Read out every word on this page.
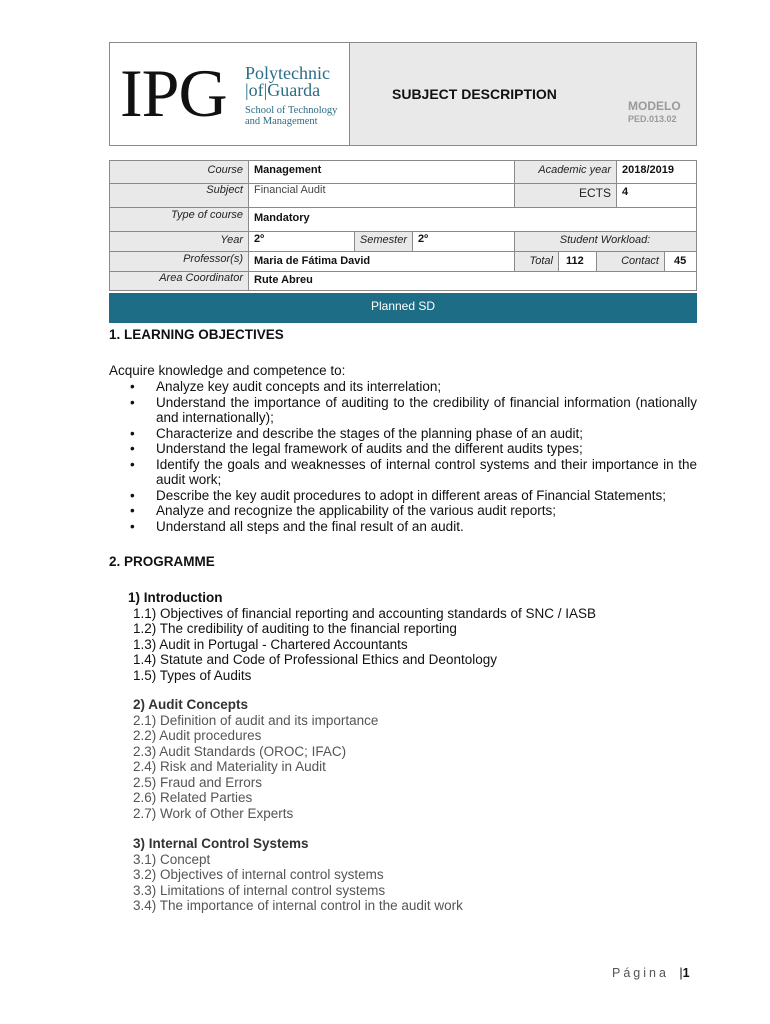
IPG Polytechnic
|of|Guarda
School of Technology
and Management
SUBJECT DESCRIPTION
MODELO
PED.013.02
Course	Management	Academic year	2018/2019
Subject	Financial Audit	ECTS	4
Type of course	Mandatory
Year	2º	Semester	2º	Student Workload:
Professor(s)	Maria de Fátima David	Total	112	Contact	45
Area Coordinator	Rute Abreu
Planned SD
1. LEARNING OBJECTIVES
Acquire knowledge and competence to:
• Analyze key audit concepts and its interrelation;
• Understand the importance of auditing to the credibility of financial information (nationally and internationally);
• Characterize and describe the stages of the planning phase of an audit;
• Understand the legal framework of audits and the different audits types;
• Identify the goals and weaknesses of internal control systems and their importance in the audit work;
• Describe the key audit procedures to adopt in different areas of Financial Statements;
• Analyze and recognize the applicability of the various audit reports;
• Understand all steps and the final result of an audit.
2. PROGRAMME
1) Introduction
1.1) Objectives of financial reporting and accounting standards of SNC / IASB
1.2) The credibility of auditing to the financial reporting
1.3) Audit in Portugal - Chartered Accountants
1.4) Statute and Code of Professional Ethics and Deontology
1.5) Types of Audits
2) Audit Concepts
2.1) Definition of audit and its importance
2.2) Audit procedures
2.3) Audit Standards (OROC; IFAC)
2.4) Risk and Materiality in Audit
2.5) Fraud and Errors
2.6) Related Parties
2.7) Work of Other Experts
3) Internal Control Systems
3.1) Concept
3.2) Objectives of internal control systems
3.3) Limitations of internal control systems
3.4) The importance of internal control in the audit work
Página |1
